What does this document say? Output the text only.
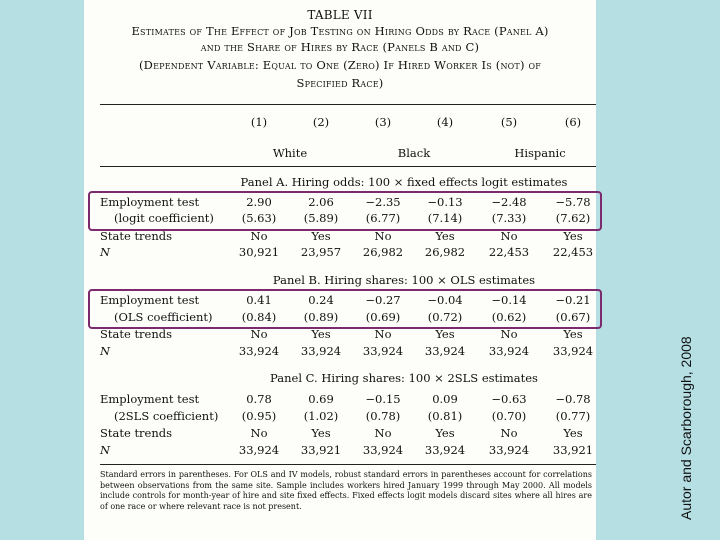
TABLE VII
Estimates of The Effect of Job Testing on Hiring Odds by Race (Panel A)
and the Share of Hires by Race (Panels B and C)
(Dependent Variable: Equal to One (Zero) If Hired Worker Is (not) of
Specified Race)
(1)	(2)	(3)	(4)	(5)	(6)
White	Black	Hispanic
Panel A. Hiring odds: 100 × fixed effects logit estimates
Employment test	2.90	2.06	−2.35	−0.13	−2.48	−5.78
(logit coefficient)	(5.63)	(5.89)	(6.77)	(7.14)	(7.33)	(7.62)
State trends	No	Yes	No	Yes	No	Yes
N	30,921	23,957	26,982	26,982	22,453	22,453
Panel B. Hiring shares: 100 × OLS estimates
Employment test	0.41	0.24	−0.27	−0.04	−0.14	−0.21
(OLS coefficient)	(0.84)	(0.89)	(0.69)	(0.72)	(0.62)	(0.67)
State trends	No	Yes	No	Yes	No	Yes
N	33,924	33,924	33,924	33,924	33,924	33,924
Panel C. Hiring shares: 100 × 2SLS estimates
Employment test	0.78	0.69	−0.15	0.09	−0.63	−0.78
(2SLS coefficient)	(0.95)	(1.02)	(0.78)	(0.81)	(0.70)	(0.77)
State trends	No	Yes	No	Yes	No	Yes
N	33,924	33,921	33,924	33,924	33,924	33,921
Standard errors in parentheses. For OLS and IV models, robust standard errors in parentheses account for correlations between observations from the same site. Sample includes workers hired January 1999 through May 2000. All models include controls for month-year of hire and site fixed effects. Fixed effects logit models discard sites where all hires are of one race or where relevant race is not present.	Autor and Scarborough, 2008
